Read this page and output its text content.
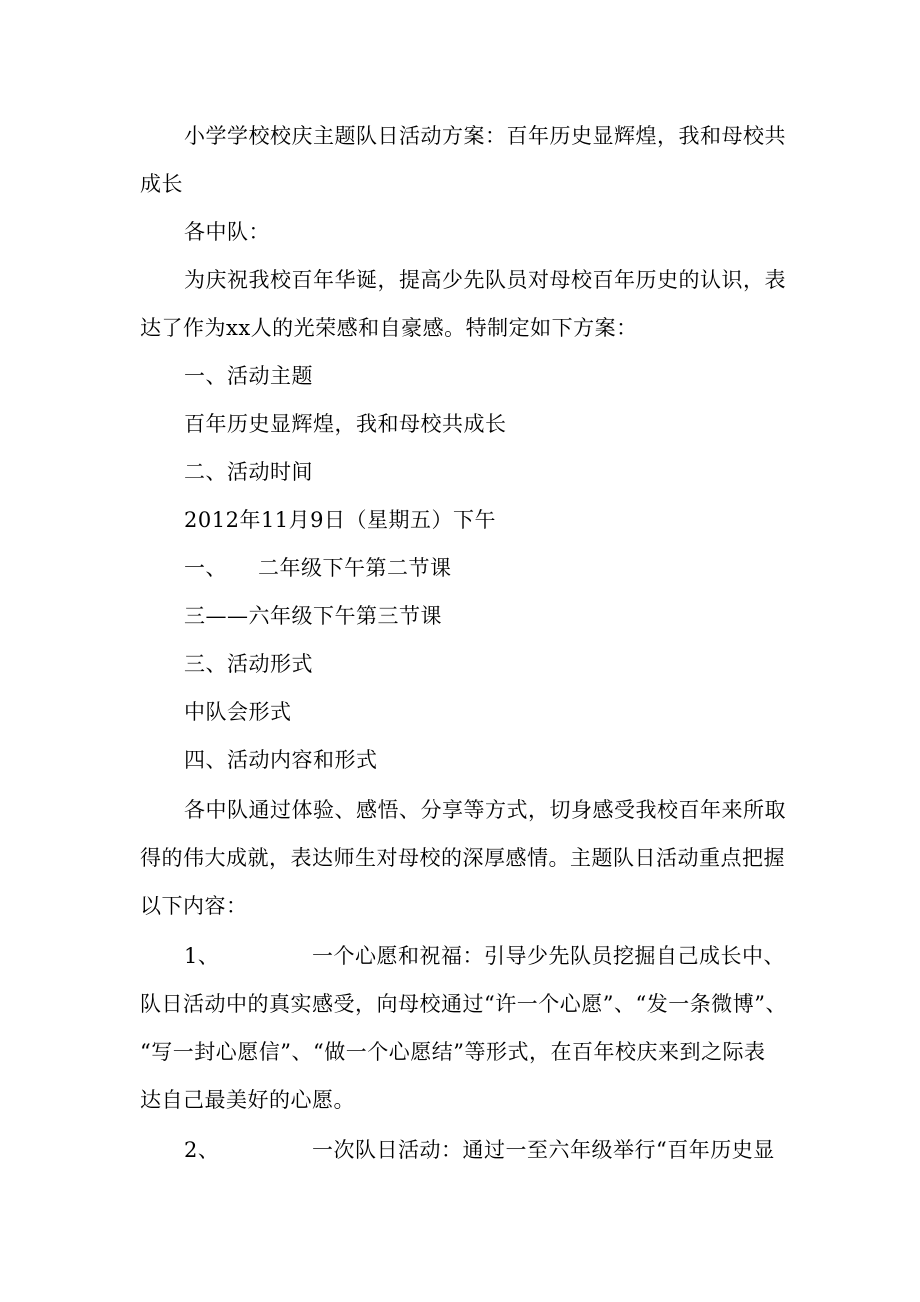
小学学校校庆主题队日活动方案：百年历史显辉煌，我和母校共
成长
各中队：
为庆祝我校百年华诞，提高少先队员对母校百年历史的认识，表
达了作为xx人的光荣感和自豪感。特制定如下方案：
一、活动主题
百年历史显辉煌，我和母校共成长
二、活动时间
2012年11月9日（星期五）下午
一、 二年级下午第二节课
三——六年级下午第三节课
三、活动形式
中队会形式
四、活动内容和形式
各中队通过体验、感悟、分享等方式，切身感受我校百年来所取
得的伟大成就，表达师生对母校的深厚感情。主题队日活动重点把握
以下内容：
1、	一个心愿和祝福：引导少先队员挖掘自己成长中、
队日活动中的真实感受，向母校通过“许一个心愿”、“发一条微博”、
“写一封心愿信”、“做一个心愿结”等形式，在百年校庆来到之际表
达自己最美好的心愿。
2、	一次队日活动：通过一至六年级举行“百年历史显
